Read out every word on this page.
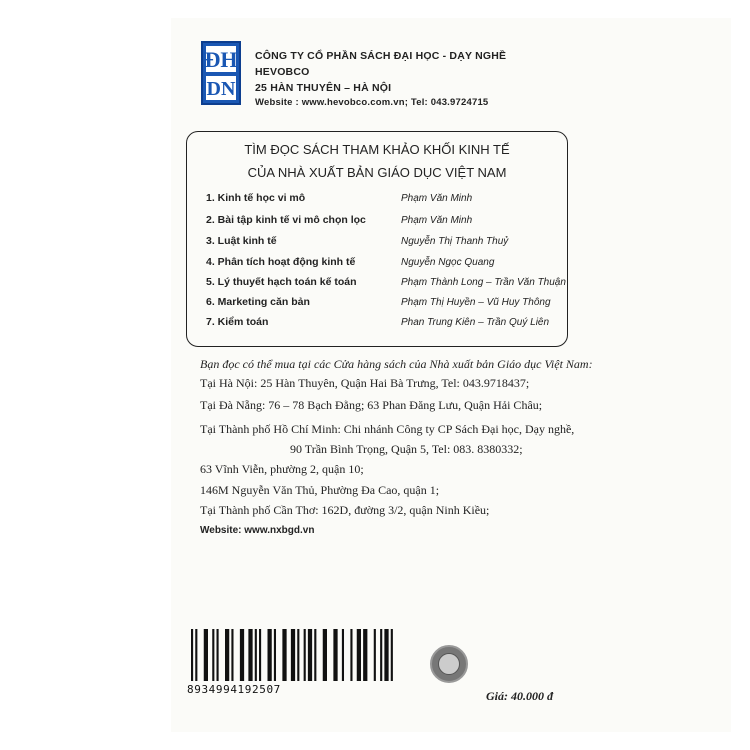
ĐH
DN
CÔNG TY CỔ PHẦN SÁCH ĐẠI HỌC - DẠY NGHỀ
HEVOBCO
25 HÀN THUYÊN – HÀ NỘI
Website : www.hevobco.com.vn; Tel: 043.9724715
TÌM ĐỌC SÁCH THAM KHẢO KHỐI KINH TẾ
CỦA NHÀ XUẤT BẢN GIÁO DỤC VIỆT NAM
1. Kinh tế học vi mô	Phạm Văn Minh
2. Bài tập kinh tế vi mô chọn lọc	Phạm Văn Minh
3. Luật kinh tế	Nguyễn Thị Thanh Thuỷ
4. Phân tích hoạt động kinh tế	Nguyễn Ngọc Quang
5. Lý thuyết hạch toán kế toán	Phạm Thành Long – Trần Văn Thuận
6. Marketing căn bản	Phạm Thị Huyền – Vũ Huy Thông
7. Kiểm toán	Phan Trung Kiên – Trần Quý Liên
Bạn đọc có thể mua tại các Cửa hàng sách của Nhà xuất bản Giáo dục Việt Nam:
Tại Hà Nội: 25 Hàn Thuyên, Quận Hai Bà Trưng, Tel: 043.9718437;
Tại Đà Nẵng: 76 – 78 Bạch Đằng; 63 Phan Đăng Lưu, Quận Hải Châu;
Tại Thành phố Hồ Chí Minh: Chi nhánh Công ty CP Sách Đại học, Dạy nghề,
90 Trần Bình Trọng, Quận 5, Tel: 083. 8380332;
63 Vĩnh Viễn, phường 2, quận 10;
146M Nguyễn Văn Thủ, Phường Đa Cao, quận 1;
Tại Thành phố Cần Thơ: 162D, đường 3/2, quận Ninh Kiều;
Website: www.nxbgd.vn
8934994192507	Giá: 40.000 đ
